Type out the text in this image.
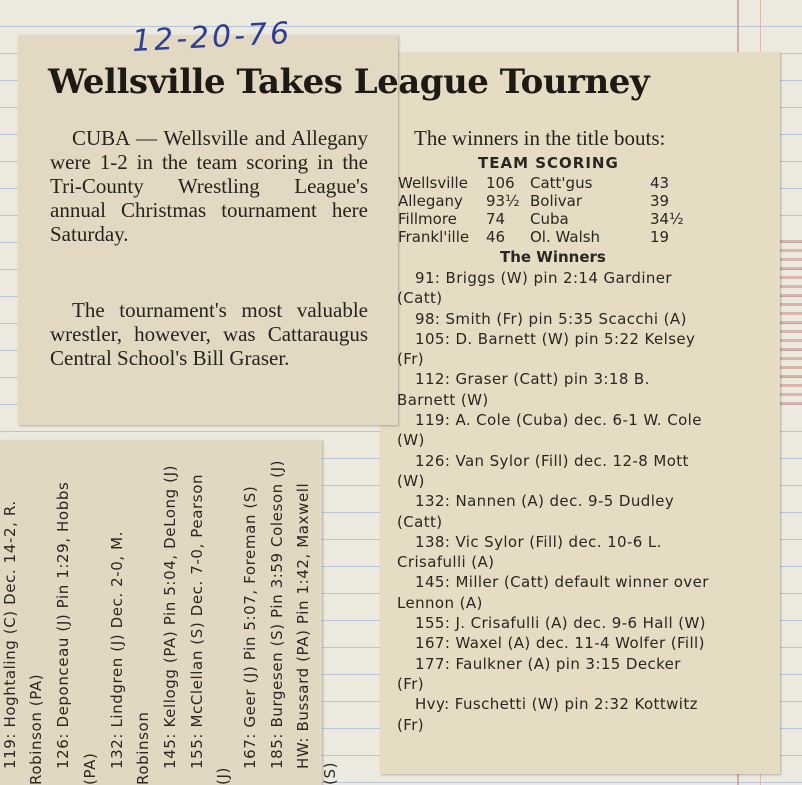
12-20-76
Wellsville Takes League Tourney

CUBA — Wellsville and Allegany were 1-2 in the team scoring in the Tri-County Wrestling League's annual Christmas tournament here Saturday.

The tournament's most valuable wrestler, however, was Cattaraugus Central School's Bill Graser.

The winners in the title bouts:

TEAM SCORING

Wellsville	106	Catt'gus	43
Allegany	93½	Bolivar	39
Fillmore	74	Cuba	34½
Frankl'ille	46	Ol. Walsh	19

The Winners

91: Briggs (W) pin 2:14 Gardiner (Catt)
98: Smith (Fr) pin 5:35 Scacchi (A)
105: D. Barnett (W) pin 5:22 Kelsey (Fr)
112: Graser (Catt) pin 3:18 B. Barnett (W)
119: A. Cole (Cuba) dec. 6-1 W. Cole (W)
126: Van Sylor (Fill) dec. 12-8 Mott (W)
132: Nannen (A) dec. 9-5 Dudley (Catt)
138: Vic Sylor (Fill) dec. 10-6 L. Crisafulli (A)
145: Miller (Catt) default winner over Lennon (A)
155: J. Crisafulli (A) dec. 9-6 Hall (W)
167: Waxel (A) dec. 11-4 Wolfer (Fill)
177: Faulkner (A) pin 3:15 Decker (Fr)
Hvy: Fuschetti (W) pin 2:32 Kottwitz (Fr)

119: Hoghtaling (C) Dec. 14-2, R. Robinson (PA) 126: Deponceau (J) Pin 1:29, Hobbs (PA) 132: Lindgren (J) Dec. 2-0, M. Robinson 145: Kellogg (PA) Pin 5:04, DeLong (J) 155: McClellan (S) Dec. 7-0, Pearson (J)

167: Geer (J) Pin 5:07, Foreman (S) 185: Burgesen (S) Pin 3:59 Coleson (J) HW: Bussard (PA) Pin 1:42, Maxwell (S)
